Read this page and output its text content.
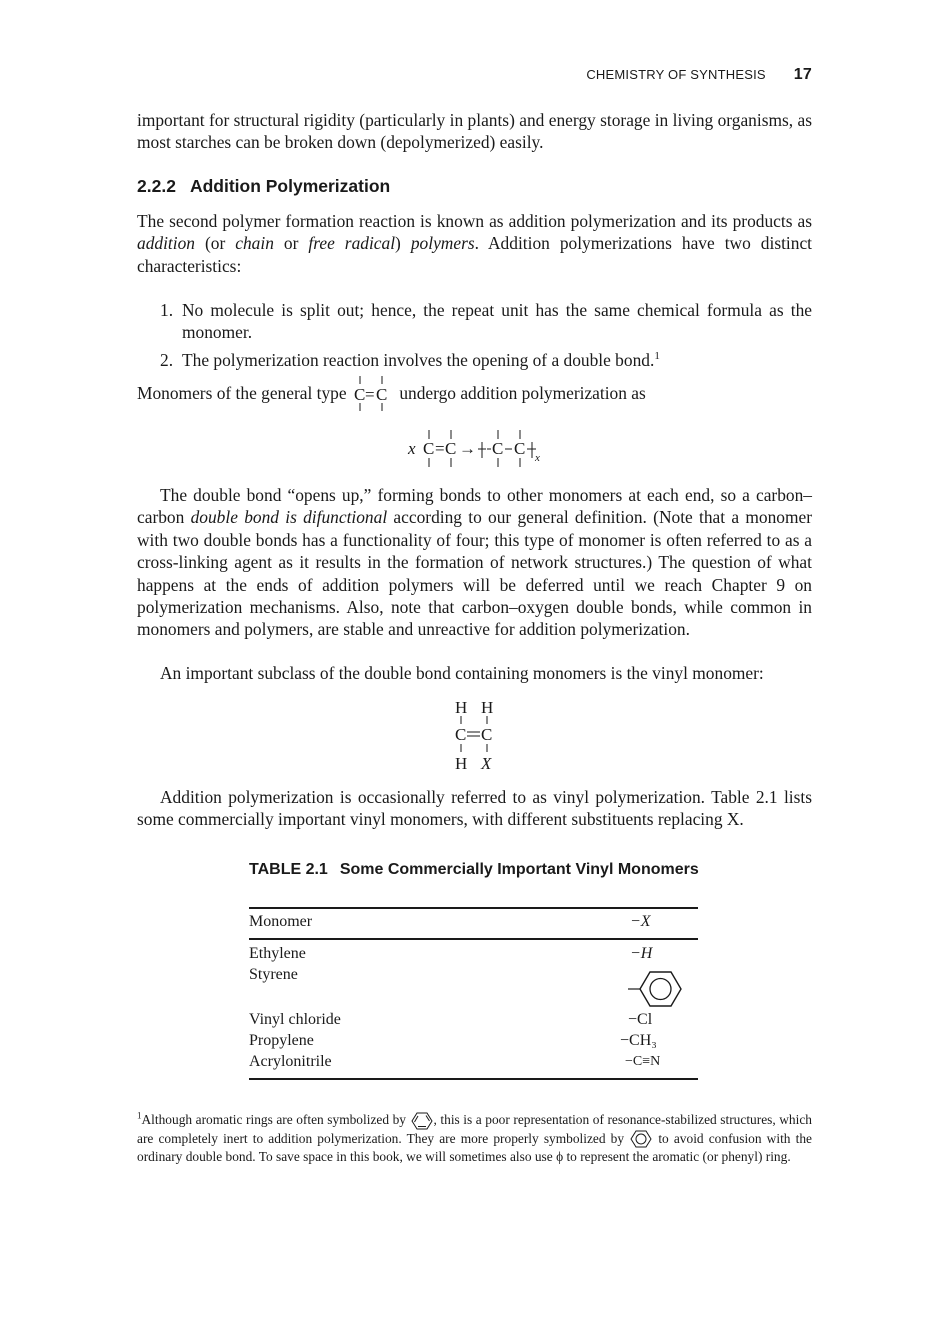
CHEMISTRY OF SYNTHESIS 17
important for structural rigidity (particularly in plants) and energy storage in living organisms, as most starches can be broken down (depolymerized) easily.
2.2.2 Addition Polymerization
The second polymer formation reaction is known as addition polymerization and its products as addition (or chain or free radical) polymers. Addition polymerizations have two distinct characteristics:
1. No molecule is split out; hence, the repeat unit has the same chemical formula as the monomer.
2. The polymerization reaction involves the opening of a double bond.$^1$
Monomers of the general type C = C undergo addition polymerization as
x C = C → C C x
The double bond “opens up,” forming bonds to other monomers at each end, so a carbon–carbon double bond is difunctional according to our general definition. (Note that a monomer with two double bonds has a functionality of four; this type of monomer is often referred to as a cross-linking agent as it results in the formation of network structures.) The question of what happens at the ends of addition polymers will be deferred until we reach Chapter 9 on polymerization mechanisms. Also, note that carbon–oxygen double bonds, while common in monomers and polymers, are stable and unreactive for addition polymerization.
An important subclass of the double bond containing monomers is the vinyl monomer:
H H
C C
H X
Addition polymerization is occasionally referred to as vinyl polymerization. Table 2.1 lists some commercially important vinyl monomers, with different substituents replacing X.
TABLE 2.1 Some Commercially Important Vinyl Monomers
Monomer	−X
Ethylene	−H
Styrene
Vinyl chloride	−Cl
Propylene	−CH₃
Acrylonitrile	−C≡N
$^1$Although aromatic rings are often symbolized by , this is a poor representation of resonance-stabilized structures, which are completely inert to addition polymerization. They are more properly symbolized by
to avoid confusion with the ordinary double bond. To save space in this book, we will sometimes also use ϕ to represent the aromatic (or phenyl) ring.
